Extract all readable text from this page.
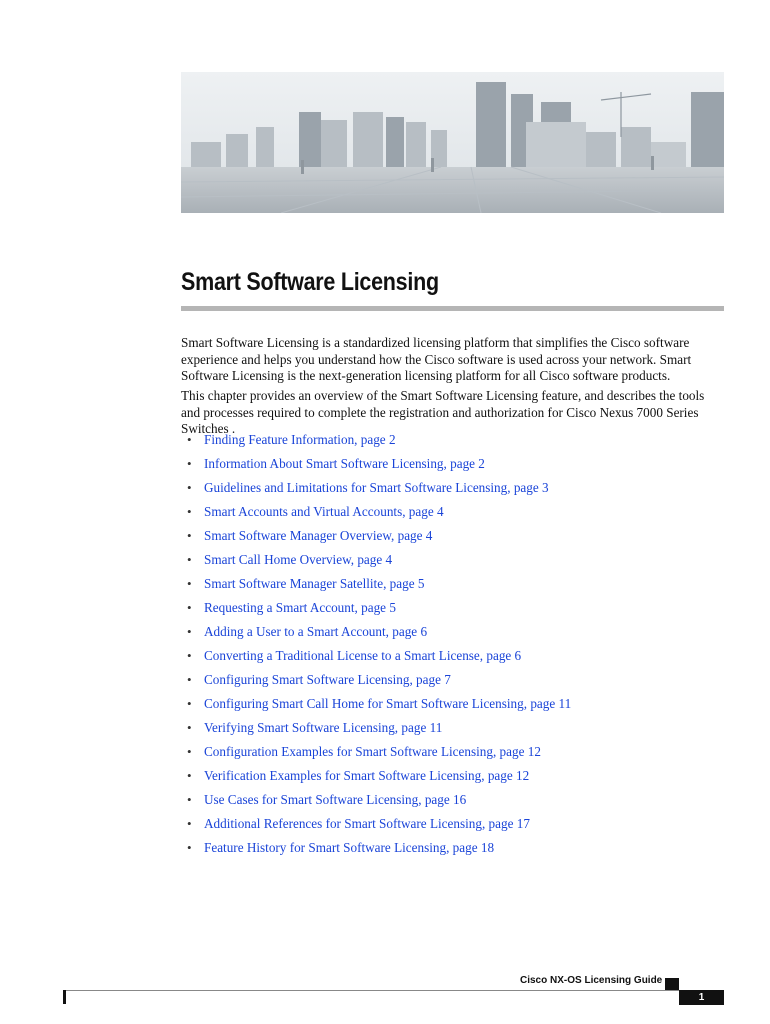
Smart Software Licensing

Smart Software Licensing is a standardized licensing platform that simplifies the Cisco software experience and helps you understand how the Cisco software is used across your network. Smart Software Licensing is the next-generation licensing platform for all Cisco software products.

This chapter provides an overview of the Smart Software Licensing feature, and describes the tools and processes required to complete the registration and authorization for Cisco Nexus 7000 Series Switches .

• Finding Feature Information, page 2
• Information About Smart Software Licensing, page 2
• Guidelines and Limitations for Smart Software Licensing, page 3
• Smart Accounts and Virtual Accounts, page 4
• Smart Software Manager Overview, page 4
• Smart Call Home Overview, page 4
• Smart Software Manager Satellite, page 5
• Requesting a Smart Account, page 5
• Adding a User to a Smart Account, page 6
• Converting a Traditional License to a Smart License, page 6
• Configuring Smart Software Licensing, page 7
• Configuring Smart Call Home for Smart Software Licensing, page 11
• Verifying Smart Software Licensing, page 11
• Configuration Examples for Smart Software Licensing, page 12
• Verification Examples for Smart Software Licensing, page 12
• Use Cases for Smart Software Licensing, page 16
• Additional References for Smart Software Licensing, page 17
• Feature History for Smart Software Licensing, page 18
Cisco NX-OS Licensing Guide
1
